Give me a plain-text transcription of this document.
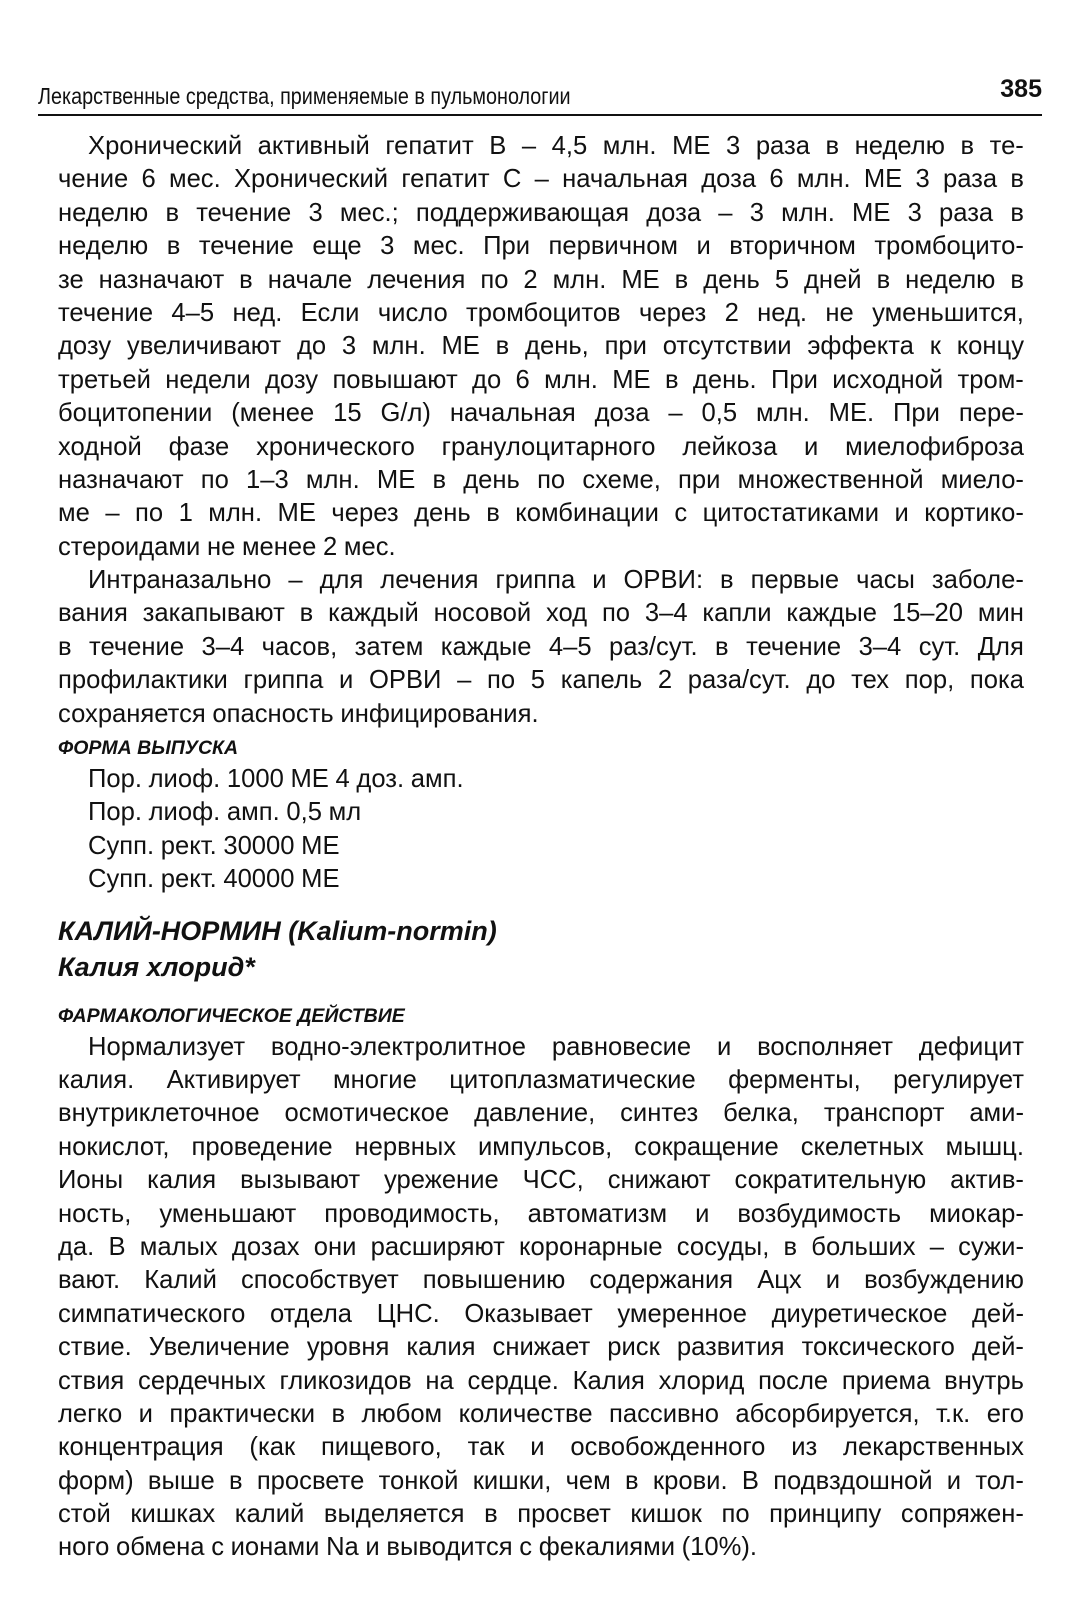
Лекарственные средства, применяемые в пульмонологии	385
Хронический активный гепатит В – 4,5 млн. МЕ 3 раза в неделю в те-
чение 6 мес. Хронический гепатит С – начальная доза 6 млн. МЕ 3 раза в
неделю в течение 3 мес.; поддерживающая доза – 3 млн. МЕ 3 раза в
неделю в течение еще 3 мес. При первичном и вторичном тромбоцито-
зе назначают в начале лечения по 2 млн. МЕ в день 5 дней в неделю в
течение 4–5 нед. Если число тромбоцитов через 2 нед. не уменьшится,
дозу увеличивают до 3 млн. МЕ в день, при отсутствии эффекта к концу
третьей недели дозу повышают до 6 млн. МЕ в день. При исходной тром-
боцитопении (менее 15 G/л) начальная доза – 0,5 млн. МЕ. При пере-
ходной фазе хронического гранулоцитарного лейкоза и миелофиброза
назначают по 1–3 млн. МЕ в день по схеме, при множественной миело-
ме – по 1 млн. МЕ через день в комбинации с цитостатиками и кортико-
стероидами не менее 2 мес.
Интраназально – для лечения гриппа и ОРВИ: в первые часы заболе-
вания закапывают в каждый носовой ход по 3–4 капли каждые 15–20 мин
в течение 3–4 часов, затем каждые 4–5 раз/сут. в течение 3–4 сут. Для
профилактики гриппа и ОРВИ – по 5 капель 2 раза/сут. до тех пор, пока
сохраняется опасность инфицирования.
ФОРМА ВЫПУСКА
Пор. лиоф. 1000 МЕ 4 доз. амп.
Пор. лиоф. амп. 0,5 мл
Супп. рект. 30000 МЕ
Супп. рект. 40000 МЕ
КАЛИЙ-НОРМИН (Kalium-normin)
Калия хлорид*
ФАРМАКОЛОГИЧЕСКОЕ ДЕЙСТВИЕ
Нормализует водно-электролитное равновесие и восполняет дефицит
калия. Активирует многие цитоплазматические ферменты, регулирует
внутриклеточное осмотическое давление, синтез белка, транспорт ами-
нокислот, проведение нервных импульсов, сокращение скелетных мышц.
Ионы калия вызывают урежение ЧСС, снижают сократительную актив-
ность, уменьшают проводимость, автоматизм и возбудимость миокар-
да. В малых дозах они расширяют коронарные сосуды, в больших – сужи-
вают. Калий способствует повышению содержания Ацх и возбуждению
симпатического отдела ЦНС. Оказывает умеренное диуретическое дей-
ствие. Увеличение уровня калия снижает риск развития токсического дей-
ствия сердечных гликозидов на сердце. Калия хлорид после приема внутрь
легко и практически в любом количестве пассивно абсорбируется, т.к. его
концентрация (как пищевого, так и освобожденного из лекарственных
форм) выше в просвете тонкой кишки, чем в крови. В подвздошной и тол-
стой кишках калий выделяется в просвет кишок по принципу сопряжен-
ного обмена с ионами Na и выводится с фекалиями (10%).
